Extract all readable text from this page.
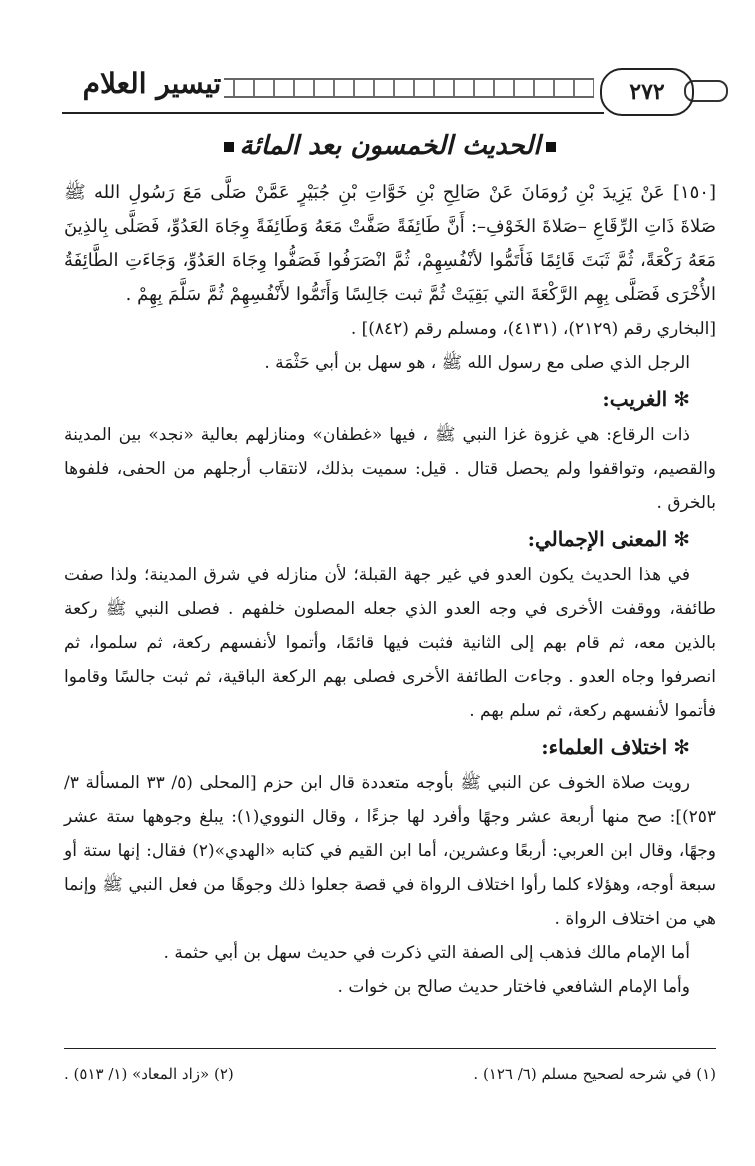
٢٧٢
تيسير العلام
الحديث الخمسون بعد المائة

[١٥٠] عَنْ يَزِيدَ بْنِ رُومَانَ عَنْ صَالِحِ بْنِ خَوَّاتِ بْنِ جُبَيْرٍ عَمَّنْ صَلَّى مَعَ رَسُولِ الله ﷺ صَلاةَ ذَاتِ الرِّقَاعِ –صَلاةَ الخَوْفِ–: أَنَّ طَائِفَةً صَفَّتْ مَعَهُ وَطَائِفَةً وِجَاهَ العَدُوِّ، فَصَلَّى بِالذِينَ مَعَهُ رَكْعَةً، ثُمَّ ثَبَتَ قَائِمًا فَأَتَمُّوا لأنْفُسِهِمْ، ثُمَّ انْصَرَفُوا فَصَفُّوا وِجَاهَ العَدُوِّ، وَجَاءَتِ الطَّائِفَةُ الأُخْرَى فَصَلَّى بِهِم الرَّكْعَةَ التي بَقِيَتْ ثُمَّ ثبت جَالِسًا وَأَتَمُّوا لأَنْفُسِهِمْ ثُمَّ سَلَّمَ بِهِمْ .

[البخاري رقم (٢١٢٩)، (٤١٣١)، ومسلم رقم (٨٤٢)] .

الرجل الذي صلى مع رسول الله ﷺ ، هو سهل بن أبي حَثْمَة .

✻الغريب:

ذات الرقاع: هي غزوة غزا النبي ﷺ ، فيها «غطفان» ومنازلهم بعالية «نجد» بين المدينة والقصيم، وتواقفوا ولم يحصل قتال . قيل: سميت بذلك، لانتقاب أرجلهم من الحفى، فلفوها بالخرق .

✻المعنى الإجمالي:

في هذا الحديث يكون العدو في غير جهة القبلة؛ لأن منازله في شرق المدينة؛ ولذا صفت طائفة، ووقفت الأخرى في وجه العدو الذي جعله المصلون خلفهم . فصلى النبي ﷺ ركعة بالذين معه، ثم قام بهم إلى الثانية فثبت فيها قائمًا، وأتموا لأنفسهم ركعة، ثم سلموا، ثم انصرفوا وجاه العدو . وجاءت الطائفة الأخرى فصلى بهم الركعة الباقية، ثم ثبت جالسًا وقاموا فأتموا لأنفسهم ركعة، ثم سلم بهم .

✻اختلاف العلماء:

رويت صلاة الخوف عن النبي ﷺ بأوجه متعددة قال ابن حزم [المحلى (٥/ ٣٣ المسألة ٣/ ٢٥٣)]: صح منها أربعة عشر وجهًا وأفرد لها جزءًا ، وقال النووي(١): يبلغ وجوهها ستة عشر وجهًا، وقال ابن العربي: أربعًا وعشرين، أما ابن القيم في كتابه «الهدي»(٢) فقال: إنها ستة أو سبعة أوجه، وهؤلاء كلما رأوا اختلاف الرواة في قصة جعلوا ذلك وجوهًا من فعل النبي ﷺ وإنما هي من اختلاف الرواة .

أما الإمام مالك فذهب إلى الصفة التي ذكرت في حديث سهل بن أبي حثمة .

وأما الإمام الشافعي فاختار حديث صالح بن خوات .

(١) في شرحه لصحيح مسلم (٦/ ١٢٦) .
(٢) «زاد المعاد» (١/ ٥١٣) .
